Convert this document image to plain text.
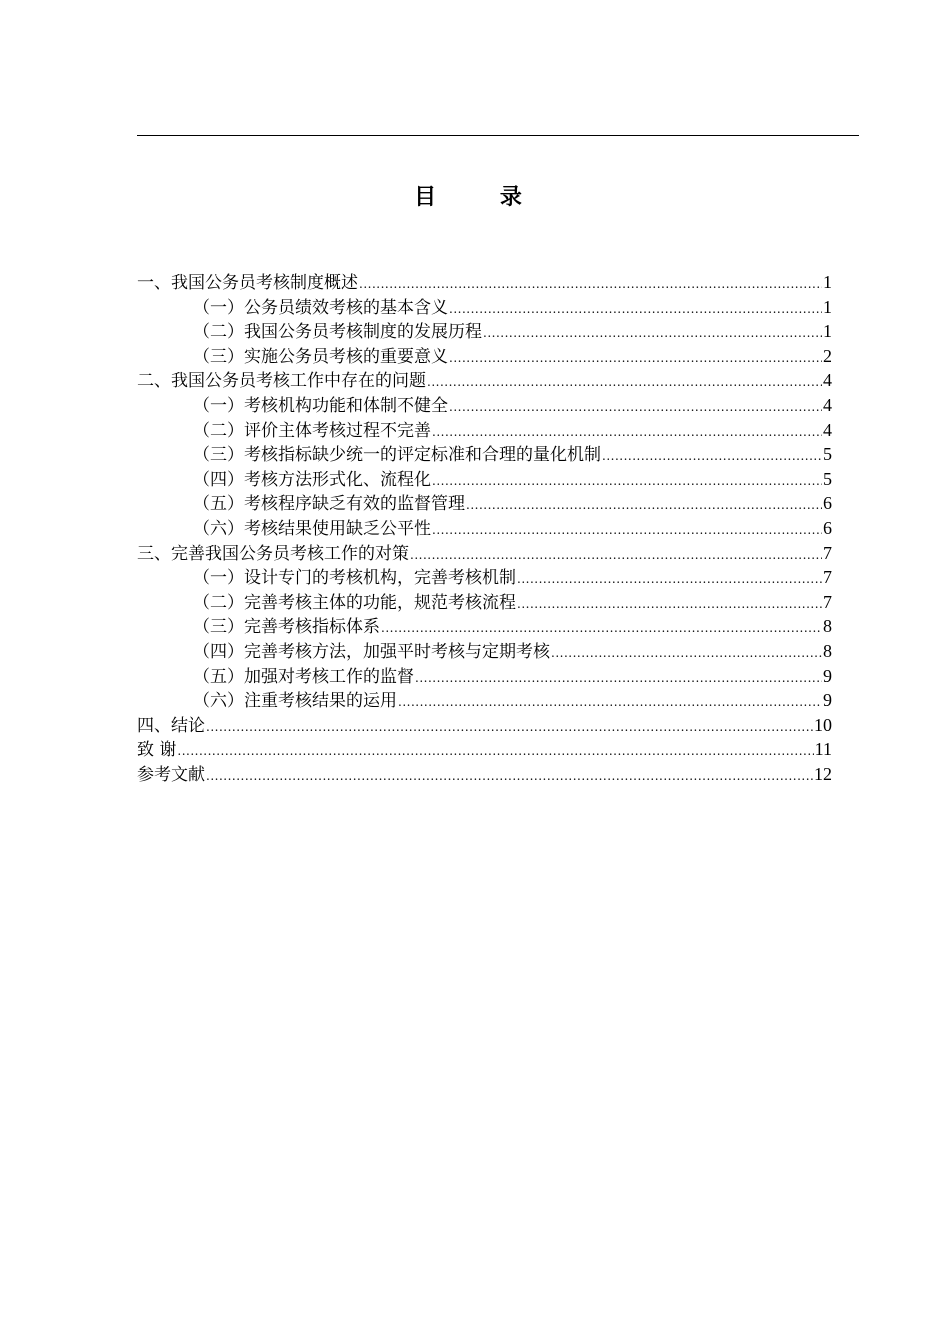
目 录
一、我国公务员考核制度概述 .....	1
（一）公务员绩效考核的基本含义 .....	1
（二）我国公务员考核制度的发展历程 .....	1
（三）实施公务员考核的重要意义 .....	2
二、我国公务员考核工作中存在的问题 .....	4
（一）考核机构功能和体制不健全 .....	4
（二）评价主体考核过程不完善 .....	4
（三）考核指标缺少统一的评定标准和合理的量化机制 .....	5
（四）考核方法形式化、流程化 .....	5
（五）考核程序缺乏有效的监督管理 .....	6
（六）考核结果使用缺乏公平性 .....	6
三、完善我国公务员考核工作的对策 .....	7
（一）设计专门的考核机构，完善考核机制 .....	7
（二）完善考核主体的功能，规范考核流程 .....	7
（三）完善考核指标体系 .....	8
（四）完善考核方法，加强平时考核与定期考核 .....	8
（五）加强对考核工作的监督 .....	9
（六）注重考核结果的运用 .....	9
四、结论 .....	10
致 谢 .....	11
参考文献 .....	12
